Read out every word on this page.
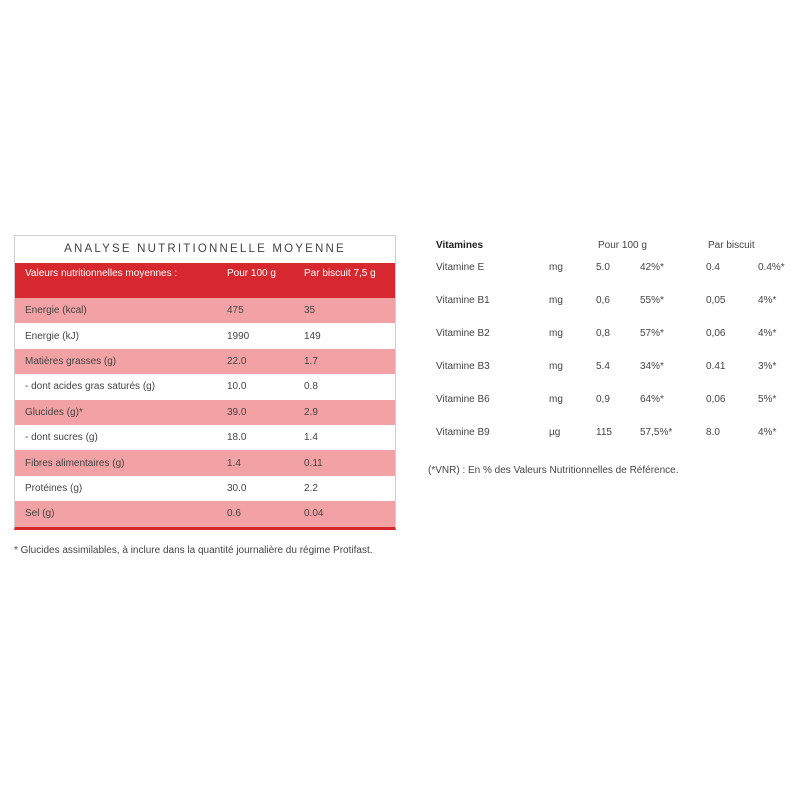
ANALYSE NUTRITIONNELLE MOYENNE
Valeurs nutritionnelles moyennes :	Pour 100 g	Par biscuit 7,5 g
Energie (kcal)	475	35
Energie (kJ)	1990	149
Matières grasses (g)	22.0	1.7
- dont acides gras saturés (g)	10.0	0.8
Glucides (g)*	39.0	2.9
- dont sucres (g)	18.0	1.4
Fibres alimentaires (g)	1.4	0.11
Protéines (g)	30.0	2.2
Sel (g)	0.6	0.04
* Glucides assimilables, à inclure dans la quantité journalière du régime Protifast.
Vitamines	Pour 100 g	Par biscuit
Vitamine E	mg	5.0	42%*	0.4	0.4%*
Vitamine B1	mg	0,6	55%*	0,05	4%*
Vitamine B2	mg	0,8	57%*	0,06	4%*
Vitamine B3	mg	5.4	34%*	0.41	3%*
Vitamine B6	mg	0,9	64%*	0,06	5%*
Vitamine B9	µg	115	57,5%*	8.0	4%*
(*VNR) : En % des Valeurs Nutritionnelles de Référence.
